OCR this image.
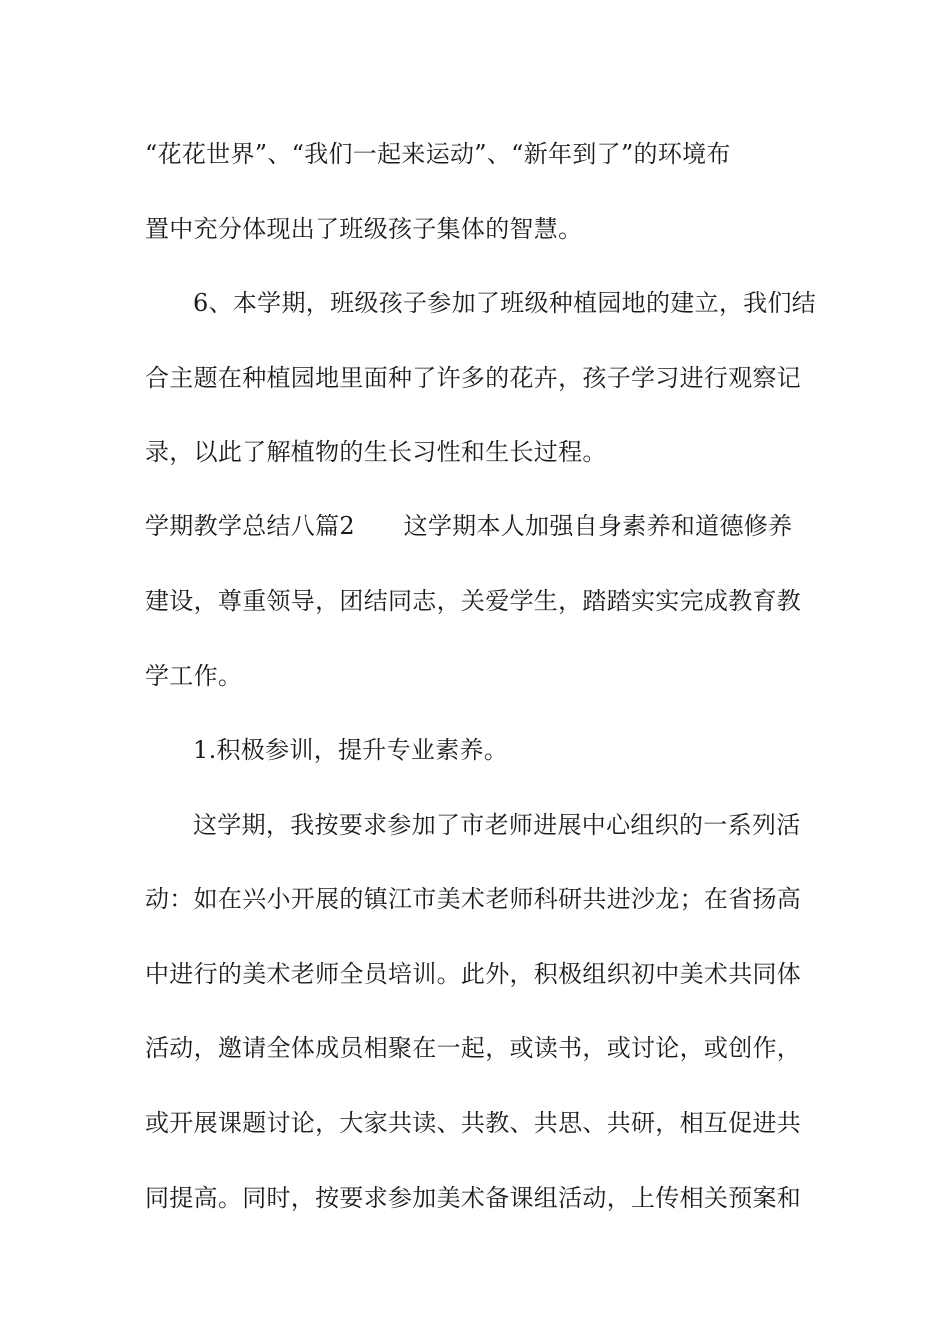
“花花世界”、“我们一起来运动”、“新年到了”的环境布
置中充分体现出了班级孩子集体的智慧。
6、本学期，班级孩子参加了班级种植园地的建立，我们结
合主题在种植园地里面种了许多的花卉，孩子学习进行观察记
录，以此了解植物的生长习性和生长过程。
学期教学总结八篇2　　这学期本人加强自身素养和道德修养
建设，尊重领导，团结同志，关爱学生，踏踏实实完成教育教
学工作。
1.积极参训，提升专业素养。
这学期，我按要求参加了市老师进展中心组织的一系列活
动：如在兴小开展的镇江市美术老师科研共进沙龙；在省扬高
中进行的美术老师全员培训。此外，积极组织初中美术共同体
活动，邀请全体成员相聚在一起，或读书，或讨论，或创作，
或开展课题讨论，大家共读、共教、共思、共研，相互促进共
同提高。同时，按要求参加美术备课组活动，上传相关预案和
